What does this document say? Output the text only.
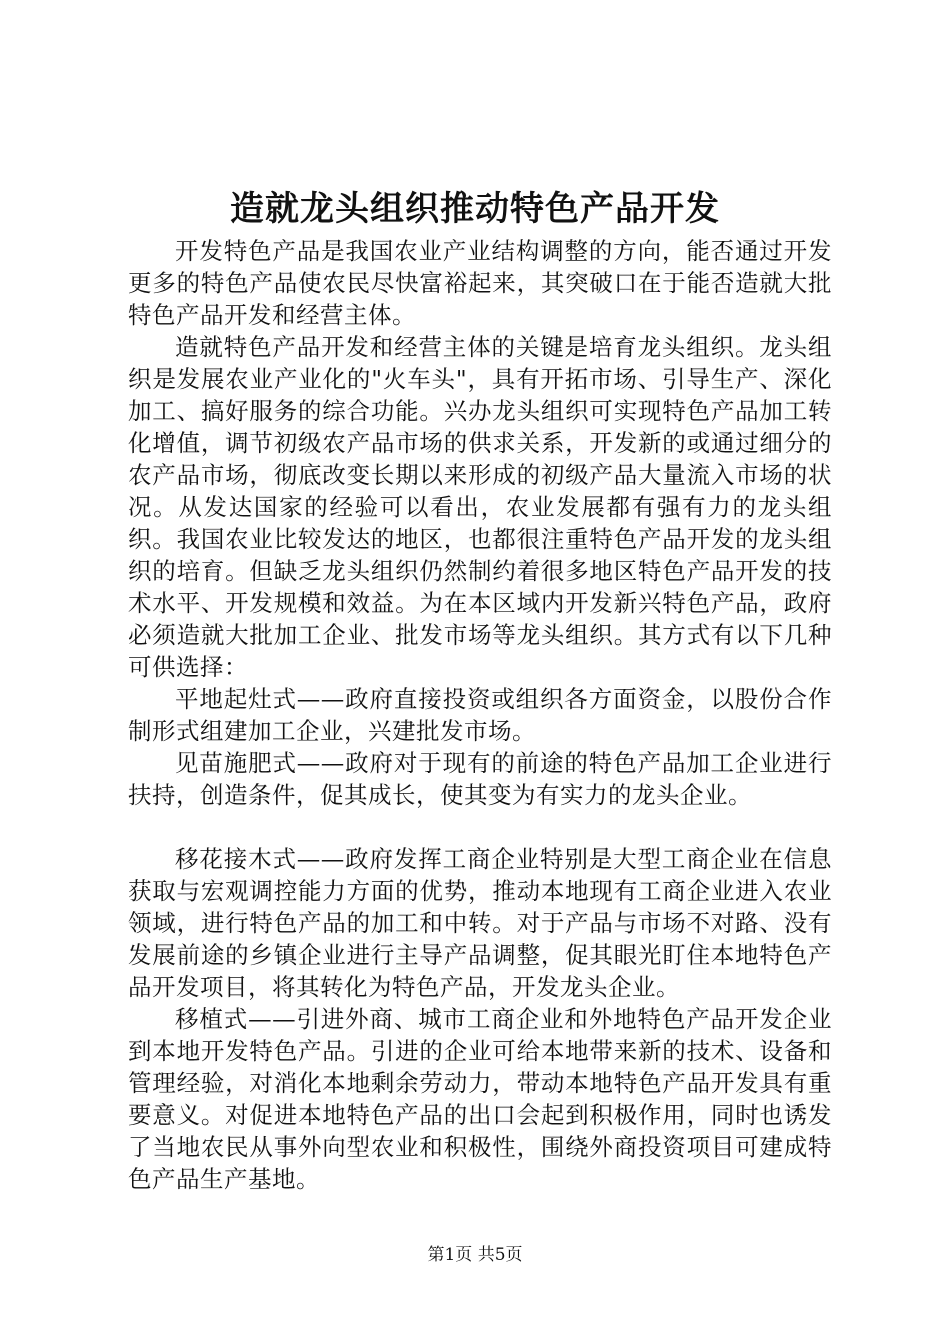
造就龙头组织推动特色产品开发

开发特色产品是我国农业产业结构调整的方向，能否通过开发更多的特色产品使农民尽快富裕起来，其突破口在于能否造就大批特色产品开发和经营主体。

造就特色产品开发和经营主体的关键是培育龙头组织。龙头组织是发展农业产业化的"火车头"，具有开拓市场、引导生产、深化加工、搞好服务的综合功能。兴办龙头组织可实现特色产品加工转化增值，调节初级农产品市场的供求关系，开发新的或通过细分的农产品市场，彻底改变长期以来形成的初级产品大量流入市场的状况。从发达国家的经验可以看出，农业发展都有强有力的龙头组织。我国农业比较发达的地区，也都很注重特色产品开发的龙头组织的培育。但缺乏龙头组织仍然制约着很多地区特色产品开发的技术水平、开发规模和效益。为在本区域内开发新兴特色产品，政府必须造就大批加工企业、批发市场等龙头组织。其方式有以下几种可供选择：

平地起灶式——政府直接投资或组织各方面资金，以股份合作制形式组建加工企业，兴建批发市场。

见苗施肥式——政府对于现有的前途的特色产品加工企业进行扶持，创造条件，促其成长，使其变为有实力的龙头企业。

移花接木式——政府发挥工商企业特别是大型工商企业在信息获取与宏观调控能力方面的优势，推动本地现有工商企业进入农业领域，进行特色产品的加工和中转。对于产品与市场不对路、没有发展前途的乡镇企业进行主导产品调整，促其眼光盯住本地特色产品开发项目，将其转化为特色产品，开发龙头企业。

移植式——引进外商、城市工商企业和外地特色产品开发企业到本地开发特色产品。引进的企业可给本地带来新的技术、设备和管理经验，对消化本地剩余劳动力，带动本地特色产品开发具有重要意义。对促进本地特色产品的出口会起到积极作用，同时也诱发了当地农民从事外向型农业和积极性，围绕外商投资项目可建成特色产品生产基地。

第1页 共5页
